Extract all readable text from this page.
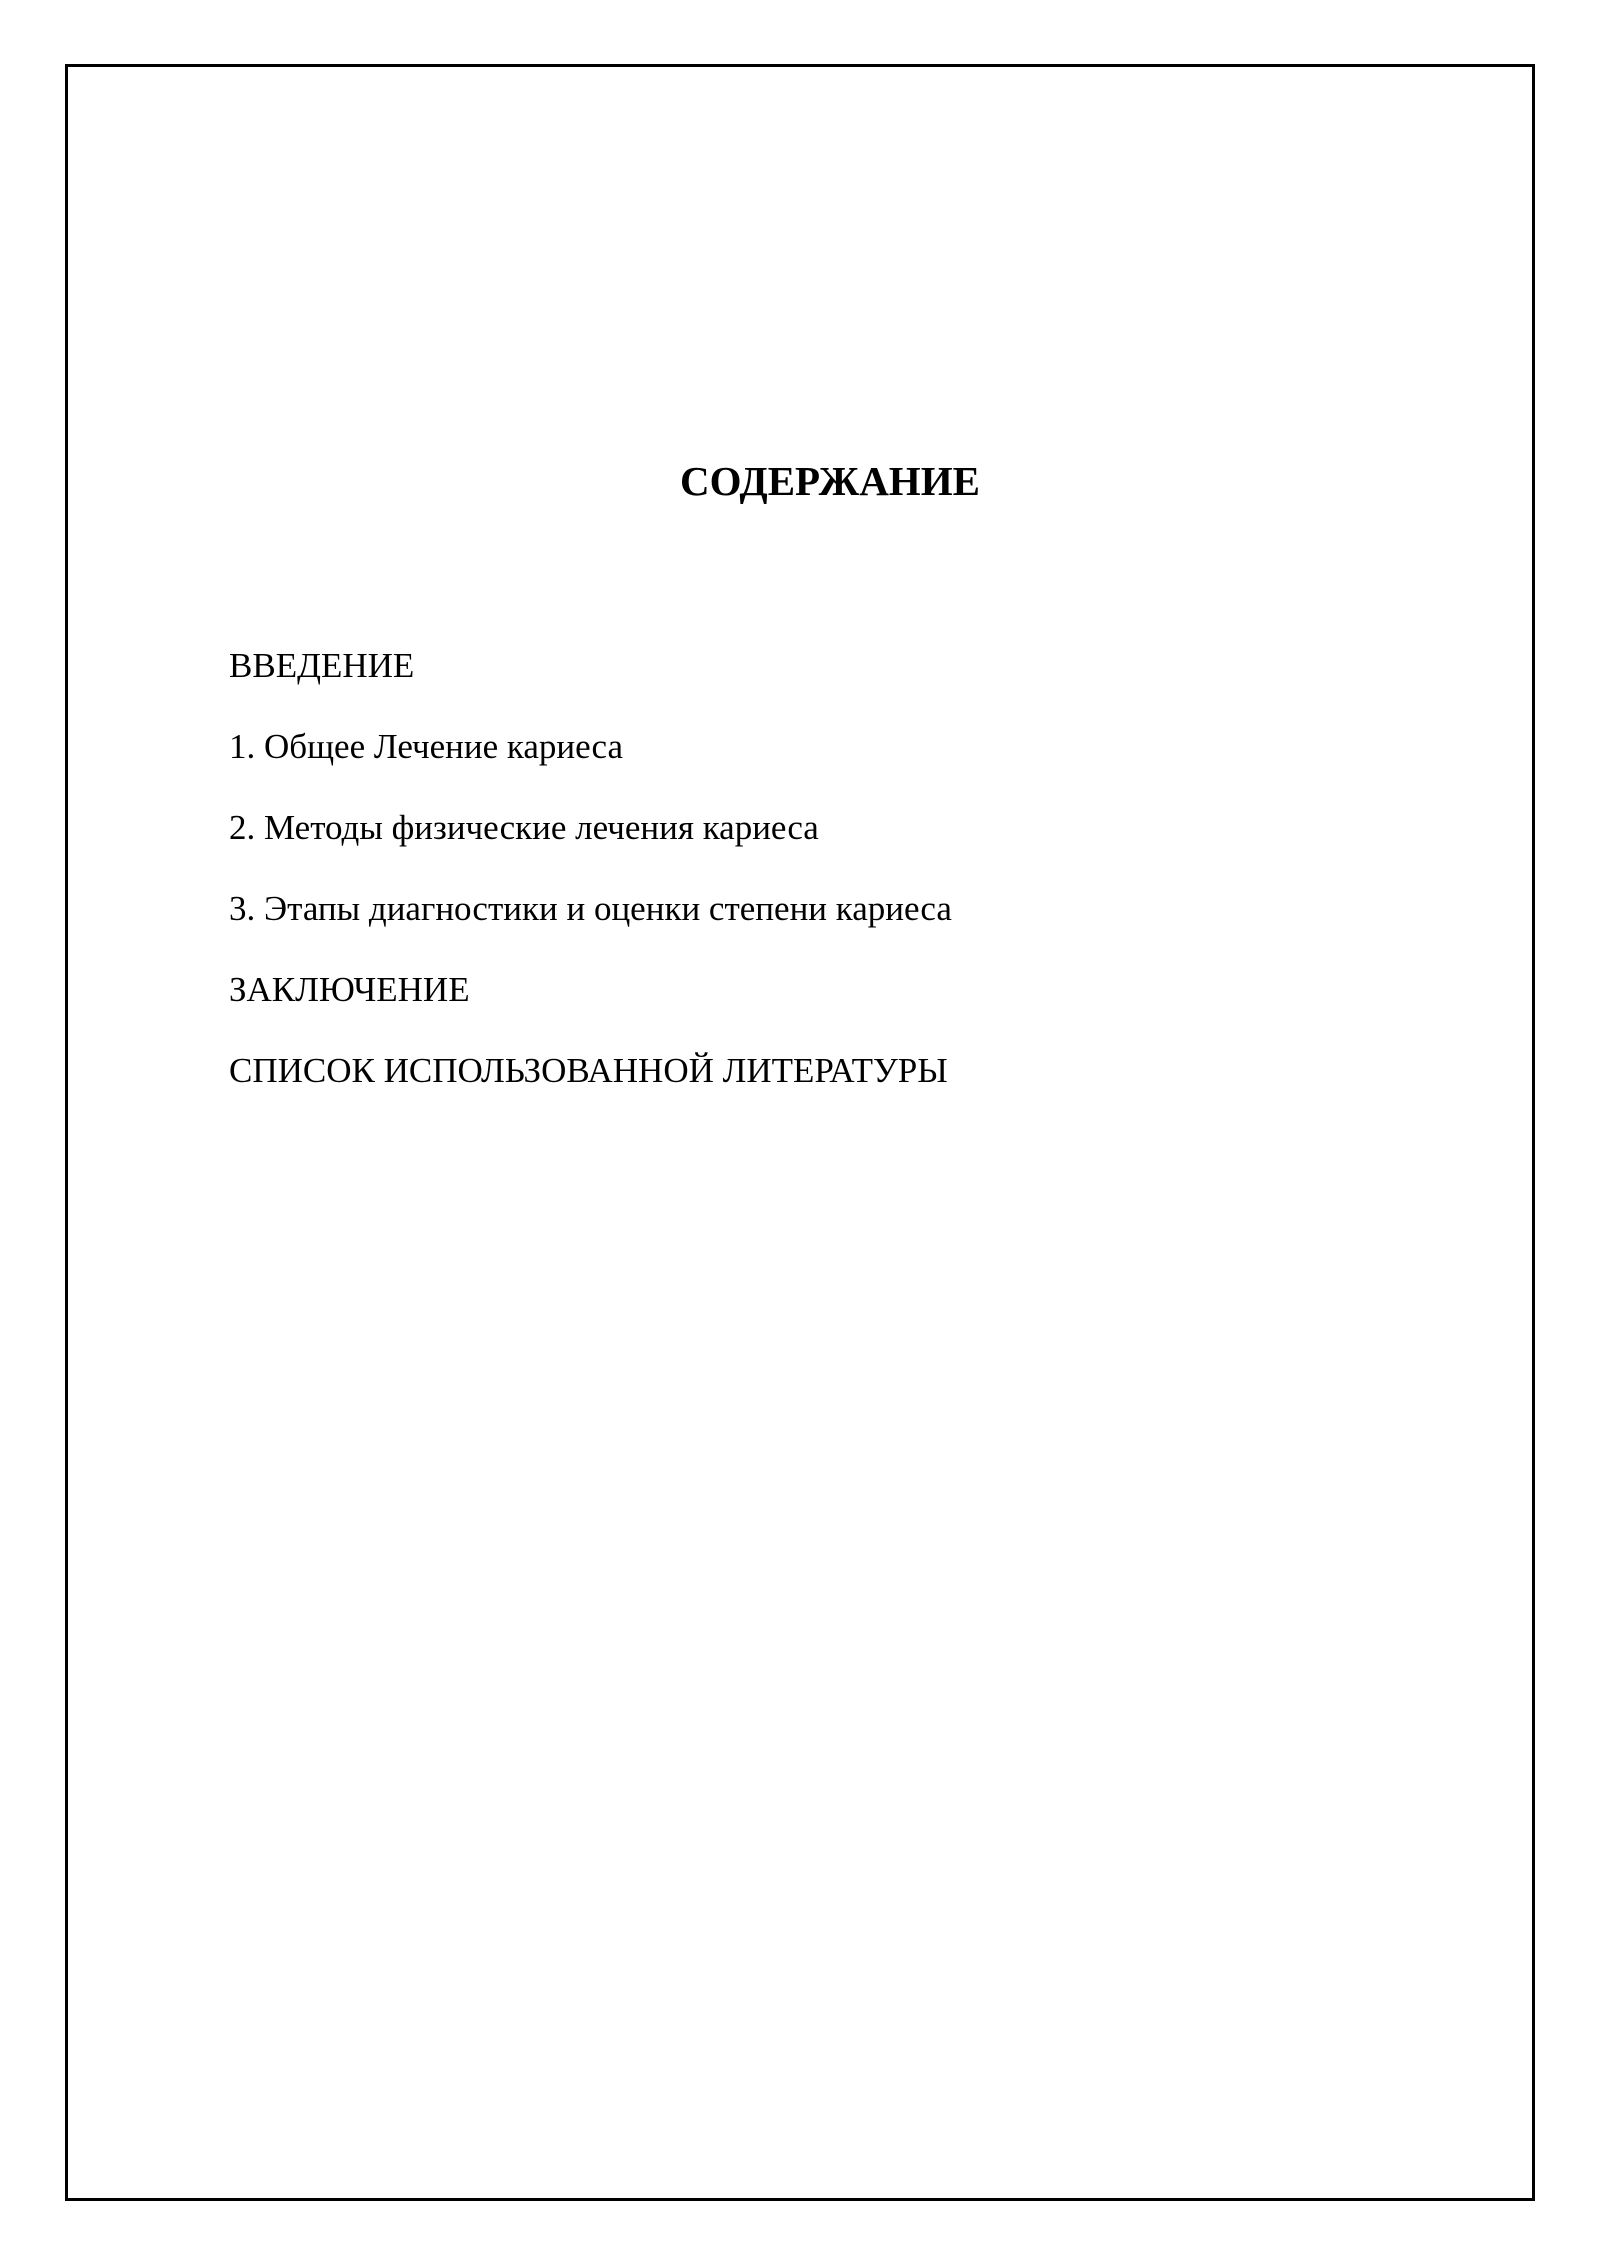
СОДЕРЖАНИЕ
ВВЕДЕНИЕ
1. Общее Лечение кариеса
2. Методы физические лечения кариеса
3. Этапы диагностики и оценки степени кариеса
ЗАКЛЮЧЕНИЕ
СПИСОК ИСПОЛЬЗОВАННОЙ ЛИТЕРАТУРЫ
